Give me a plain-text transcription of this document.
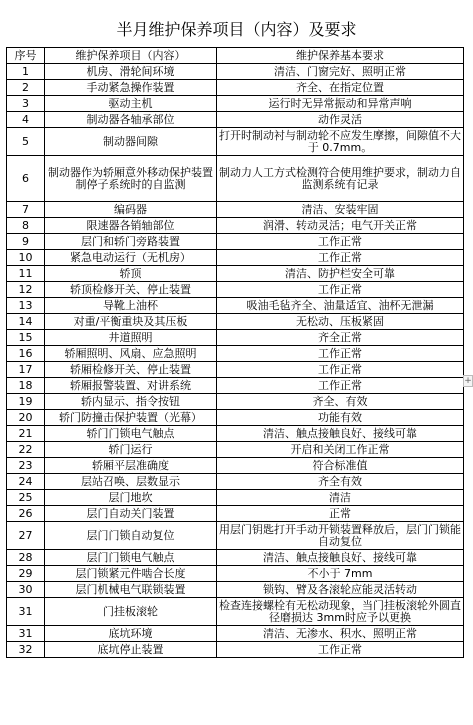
半月维护保养项目（内容）及要求
序号	维护保养项目（内容）	维护保养基本要求
1	机房、滑轮间环境	清洁、门窗完好、照明正常
2	手动紧急操作装置	齐全、在指定位置
3	驱动主机	运行时无异常振动和异常声响
4	制动器各轴承部位	动作灵活
5	制动器间隙	打开时制动衬与制动轮不应发生摩擦，间隙值不大于 0.7mm。
6	制动器作为轿厢意外移动保护装置制停子系统时的自监测	制动力人工方式检测符合使用维护要求，制动力自监测系统有记录
7	编码器	清洁、安装牢固
8	限速器各销轴部位	润滑、转动灵活；电气开关正常
9	层门和轿门旁路装置	工作正常
10	紧急电动运行（无机房）	工作正常
11	轿顶	清洁、防护栏安全可靠
12	轿顶检修开关、停止装置	工作正常
13	导靴上油杯	吸油毛毡齐全、油量适宜、油杯无泄漏
14	对重/平衡重块及其压板	无松动、压板紧固
15	井道照明	齐全正常
16	轿厢照明、风扇、应急照明	工作正常
17	轿厢检修开关、停止装置	工作正常
18	轿厢报警装置、对讲系统	工作正常
19	轿内显示、指令按钮	齐全、有效
20	轿门防撞击保护装置（光幕）	功能有效
21	轿门门锁电气触点	清洁、触点接触良好、接线可靠
22	轿门运行	开启和关闭工作正常
23	轿厢平层准确度	符合标准值
24	层站召唤、层数显示	齐全有效
25	层门地坎	清洁
26	层门自动关门装置	正常
27	层门门锁自动复位	用层门钥匙打开手动开锁装置释放后，层门门锁能自动复位
28	层门门锁电气触点	清洁、触点接触良好、接线可靠
29	层门锁紧元件啮合长度	不小于 7mm
30	层门机械电气联锁装置	锁钩、臂及各滚轮应能灵活转动
31	门挂板滚轮	检查连接螺栓有无松动现象，当门挂板滚轮外圆直径磨损达 3mm时应予以更换
31	底坑环境	清洁、无渗水、积水、照明正常
32	底坑停止装置	工作正常
+
